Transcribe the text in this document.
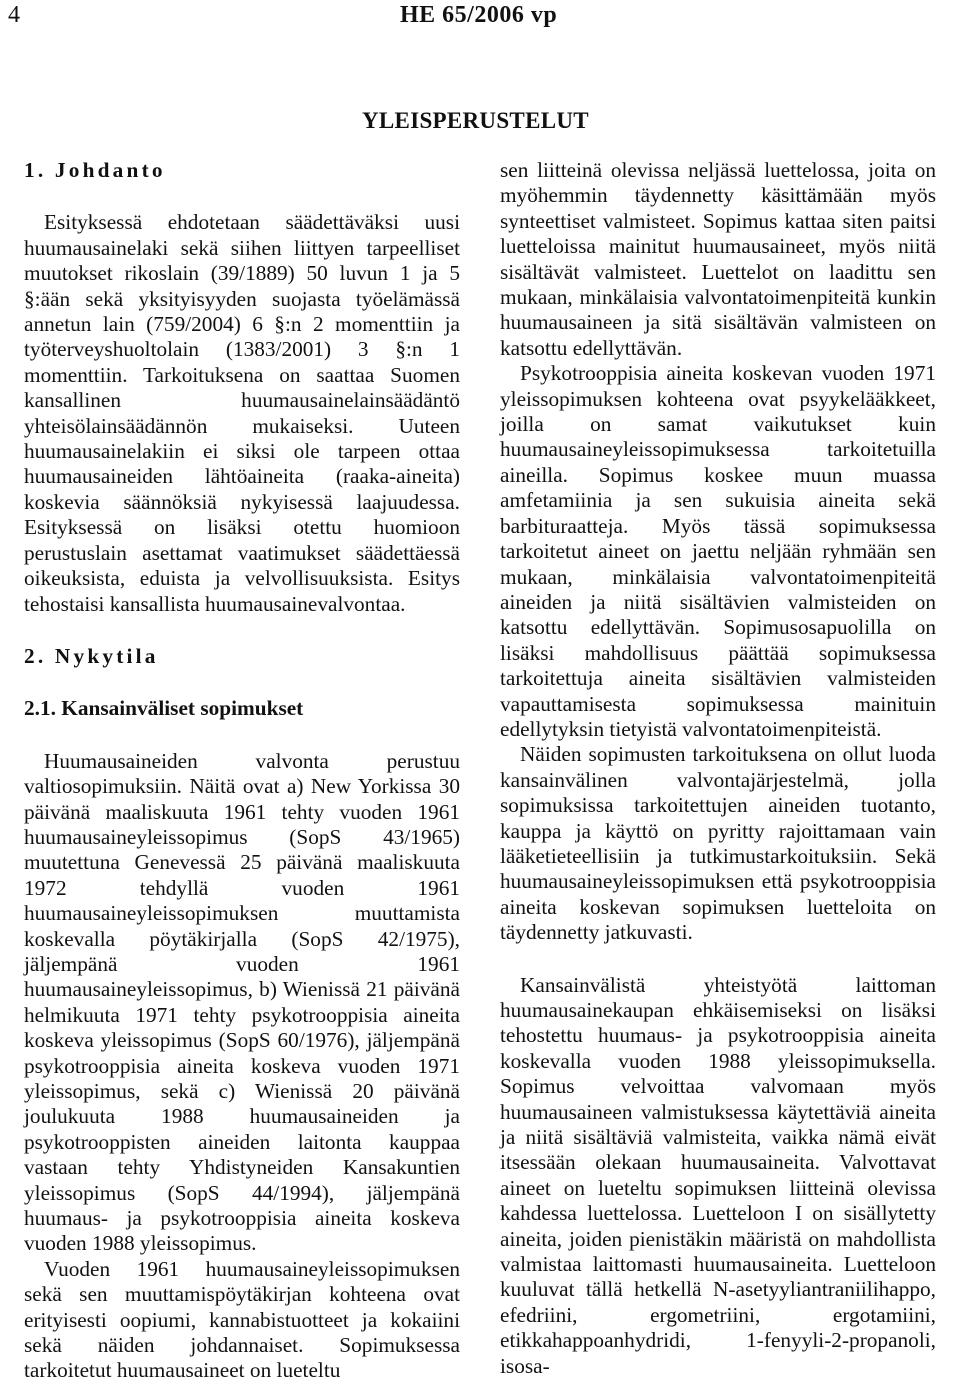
4	HE 65/2006 vp
YLEISPERUSTELUT

1. Johdanto

Esityksessä ehdotetaan säädettäväksi uusi huumausainelaki sekä siihen liittyen tarpeelliset muutokset rikoslain (39/1889) 50 luvun 1 ja 5 §:ään sekä yksityisyyden suojasta työelämässä annetun lain (759/2004) 6 §:n 2 momenttiin ja työterveyshuoltolain (1383/2001) 3 §:n 1 momenttiin. Tarkoituksena on saattaa Suomen kansallinen huumausainelainsäädäntö yhteisölainsäädännön mukaiseksi. Uuteen huumausainelakiin ei siksi ole tarpeen ottaa huumausaineiden lähtöaineita (raaka-aineita) koskevia säännöksiä nykyisessä laajuudessa. Esityksessä on lisäksi otettu huomioon perustuslain asettamat vaatimukset säädettäessä oikeuksista, eduista ja velvollisuuksista. Esitys tehostaisi kansallista huumausainevalvontaa.

2. Nykytila

2.1. Kansainväliset sopimukset

Huumausaineiden valvonta perustuu valtiosopimuksiin. Näitä ovat a) New Yorkissa 30 päivänä maaliskuuta 1961 tehty vuoden 1961 huumausaineyleissopimus (SopS 43/1965) muutettuna Genevessä 25 päivänä maaliskuuta 1972 tehdyllä vuoden 1961 huumausaineyleissopimuksen muuttamista koskevalla pöytäkirjalla (SopS 42/1975), jäljempänä vuoden 1961 huumausaineyleissopimus, b) Wienissä 21 päivänä helmikuuta 1971 tehty psykotrooppisia aineita koskeva yleissopimus (SopS 60/1976), jäljempänä psykotrooppisia aineita koskeva vuoden 1971 yleissopimus, sekä c) Wienissä 20 päivänä joulukuuta 1988 huumausaineiden ja psykotrooppisten aineiden laitonta kauppaa vastaan tehty Yhdistyneiden Kansakuntien yleissopimus (SopS 44/1994), jäljempänä huumaus- ja psykotrooppisia aineita koskeva vuoden 1988 yleissopimus.

Vuoden 1961 huumausaineyleissopimuksen sekä sen muuttamispöytäkirjan kohteena ovat erityisesti oopiumi, kannabistuotteet ja kokaiini sekä näiden johdannaiset. Sopimuksessa tarkoitetut huumausaineet on lueteltu

sen liitteinä olevissa neljässä luettelossa, joita on myöhemmin täydennetty käsittämään myös synteettiset valmisteet. Sopimus kattaa siten paitsi luetteloissa mainitut huumausaineet, myös niitä sisältävät valmisteet. Luettelot on laadittu sen mukaan, minkälaisia valvontatoimenpiteitä kunkin huumausaineen ja sitä sisältävän valmisteen on katsottu edellyttävän.

Psykotrooppisia aineita koskevan vuoden 1971 yleissopimuksen kohteena ovat psyykelääkkeet, joilla on samat vaikutukset kuin huumausaineyleissopimuksessa tarkoitetuilla aineilla. Sopimus koskee muun muassa amfetamiinia ja sen sukuisia aineita sekä barbituraatteja. Myös tässä sopimuksessa tarkoitetut aineet on jaettu neljään ryhmään sen mukaan, minkälaisia valvontatoimenpiteitä aineiden ja niitä sisältävien valmisteiden on katsottu edellyttävän. Sopimusosapuolilla on lisäksi mahdollisuus päättää sopimuksessa tarkoitettuja aineita sisältävien valmisteiden vapauttamisesta sopimuksessa mainituin edellytyksin tietyistä valvontatoimenpiteistä.

Näiden sopimusten tarkoituksena on ollut luoda kansainvälinen valvontajärjestelmä, jolla sopimuksissa tarkoitettujen aineiden tuotanto, kauppa ja käyttö on pyritty rajoittamaan vain lääketieteellisiin ja tutkimustarkoituksiin. Sekä huumausaineyleissopimuksen että psykotrooppisia aineita koskevan sopimuksen luetteloita on täydennetty jatkuvasti.

Kansainvälistä yhteistyötä laittoman huumausainekaupan ehkäisemiseksi on lisäksi tehostettu huumaus- ja psykotrooppisia aineita koskevalla vuoden 1988 yleissopimuksella. Sopimus velvoittaa valvomaan myös huumausaineen valmistuksessa käytettäviä aineita ja niitä sisältäviä valmisteita, vaikka nämä eivät itsessään olekaan huumausaineita. Valvottavat aineet on lueteltu sopimuksen liitteinä olevissa kahdessa luettelossa. Luetteloon I on sisällytetty aineita, joiden pienistäkin määristä on mahdollista valmistaa laittomasti huumausaineita. Luetteloon kuuluvat tällä hetkellä N-asetyyliantraniilihappo, efedriini, ergometriini, ergotamiini, etikkahappoanhydridi, 1-fenyyli-2-propanoli, isosa-
